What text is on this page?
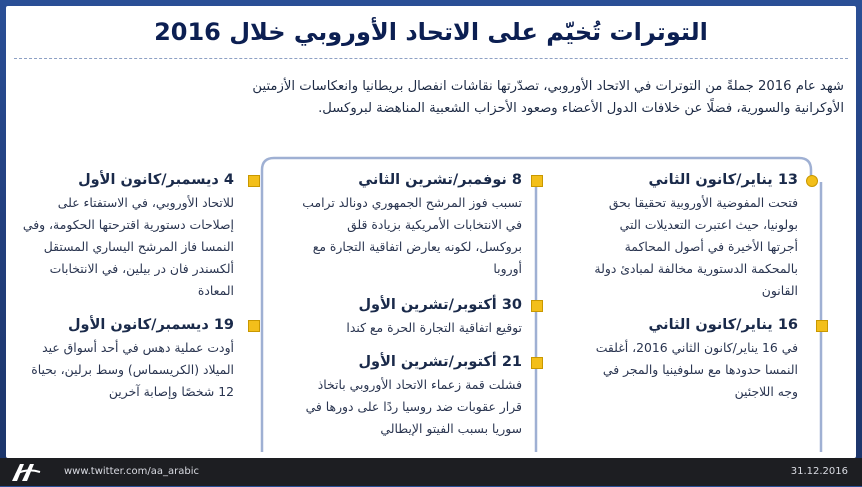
التوترات تُخيّم على الاتحاد الأوروبي خلال 2016
شهد عام 2016 جملةً من التوترات في الاتحاد الأوروبي، تصدّرتها نقاشات انفصال بريطانيا وانعكاسات الأزمتين الأوكرانية والسورية، فضلًا عن خلافات الدول الأعضاء وصعود الأحزاب الشعبية المناهضة لبروكسل.
13 يناير/كانون الثاني
فتحت المفوضية الأوروبية تحقيقا بحق بولونيا، حيث اعتبرت التعديلات التي أجرتها الأخيرة في أصول المحاكمة بالمحكمة الدستورية مخالفة لمبادئ دولة القانون
16 يناير/كانون الثاني
في 16 يناير/كانون الثاني 2016، أغلقت النمسا حدودها مع سلوفينيا والمجر في وجه اللاجئين
8 نوفمبر/تشرين الثاني
تسبب فوز المرشح الجمهوري دونالد ترامب في الانتخابات الأمريكية بزيادة قلق بروكسل، لكونه يعارض اتفاقية التجارة مع أوروبا
30 أكتوبر/تشرين الأول
توقيع اتفاقية التجارة الحرة مع كندا
21 أكتوبر/تشرين الأول
فشلت قمة زعماء الاتحاد الأوروبي باتخاذ قرار عقوبات ضد روسيا ردًا على دورها في سوريا بسبب الفيتو الإيطالي
4 ديسمبر/كانون الأول
للاتحاد الأوروبي، في الاستفتاء على إصلاحات دستورية اقترحتها الحكومة، وفي النمسا فاز المرشح اليساري المستقل ألكسندر فان در بيلين، في الانتخابات المعادة
19 ديسمبر/كانون الأول
أودت عملية دهس في أحد أسواق عيد الميلاد (الكريسماس) وسط برلين، بحياة 12 شخصًا وإصابة آخرين
www.twitter.com/aa_arabic	31.12.2016
